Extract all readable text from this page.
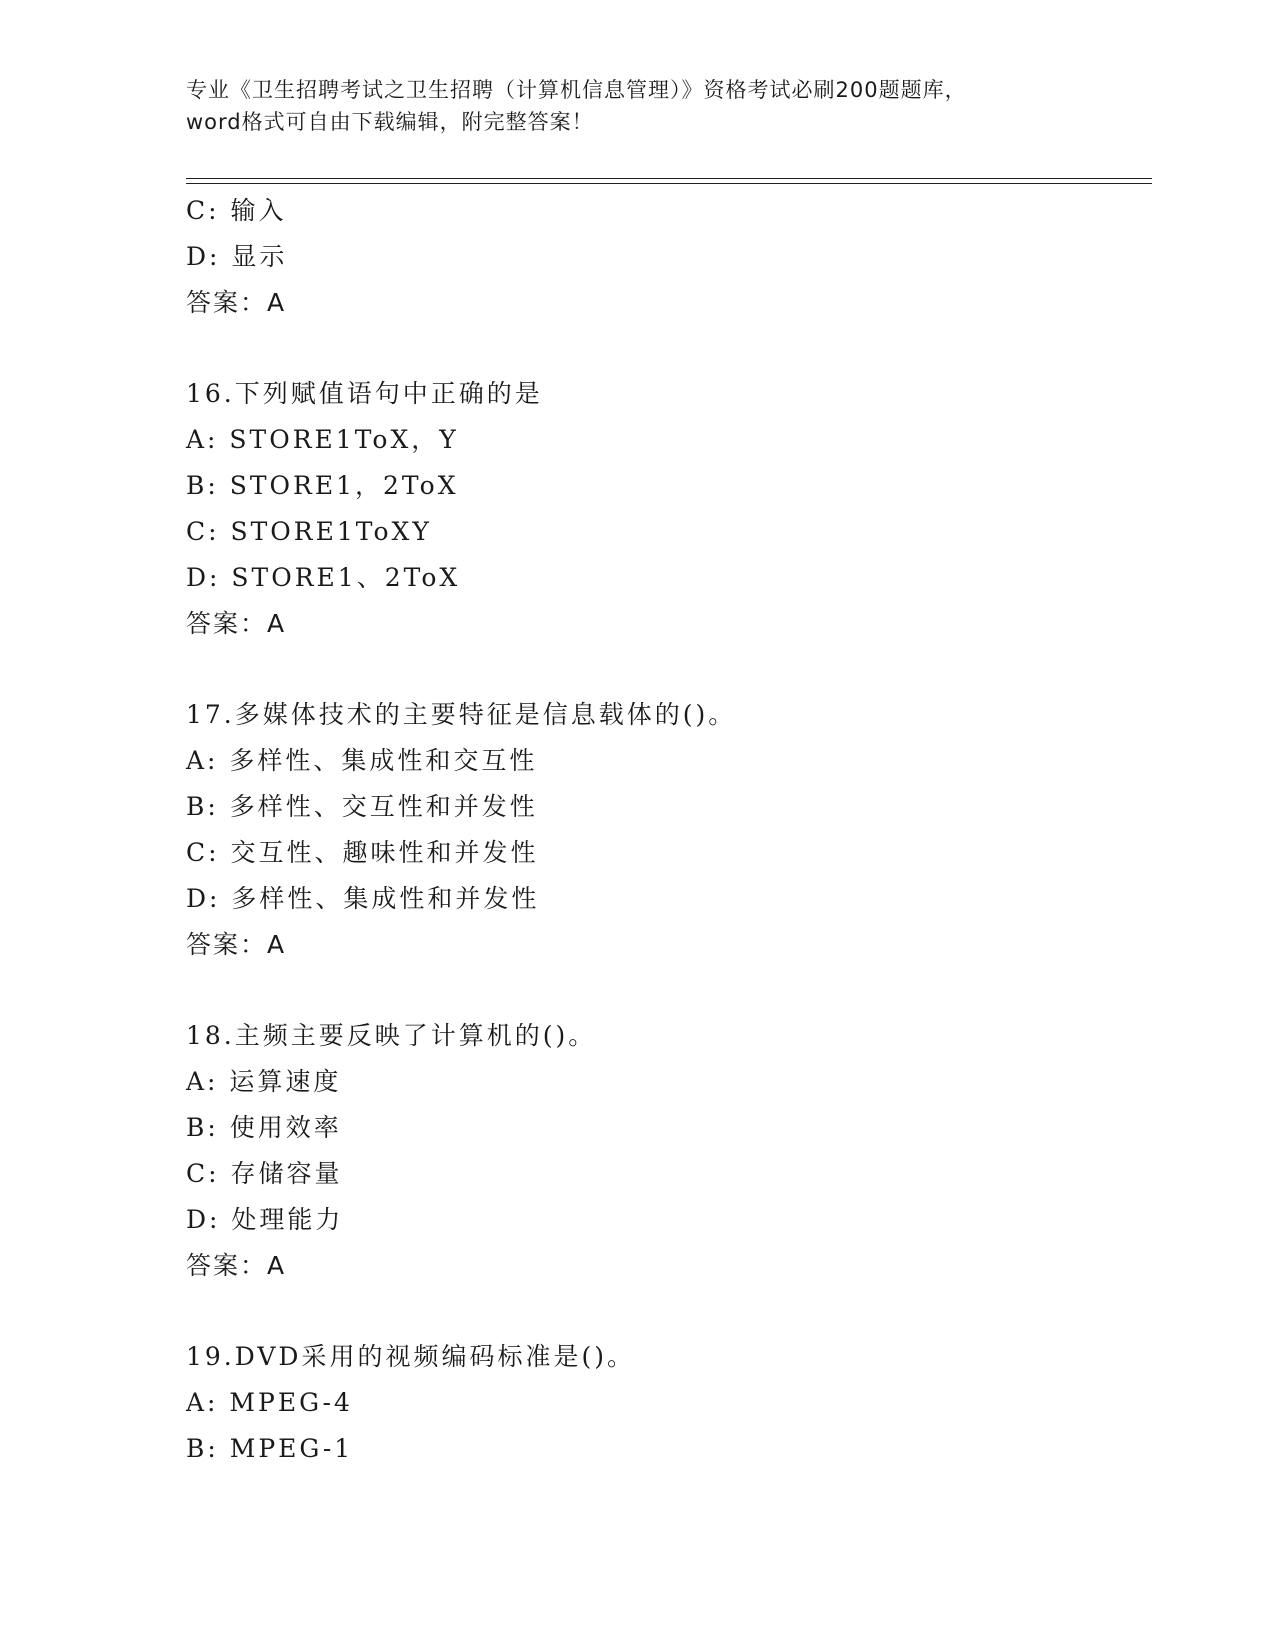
专业《卫生招聘考试之卫生招聘（计算机信息管理）》资格考试必刷200题题库，
word格式可自由下载编辑，附完整答案！
C: 输入
D: 显示
答案：A
16.下列赋值语句中正确的是
A: STORE1ToX，Y
B: STORE1，2ToX
C: STORE1ToXY
D: STORE1、2ToX
答案：A
17.多媒体技术的主要特征是信息载体的()。
A: 多样性、集成性和交互性
B: 多样性、交互性和并发性
C: 交互性、趣味性和并发性
D: 多样性、集成性和并发性
答案：A
18.主频主要反映了计算机的()。
A: 运算速度
B: 使用效率
C: 存储容量
D: 处理能力
答案：A
19.DVD采用的视频编码标准是()。
A: MPEG-4
B: MPEG-1
